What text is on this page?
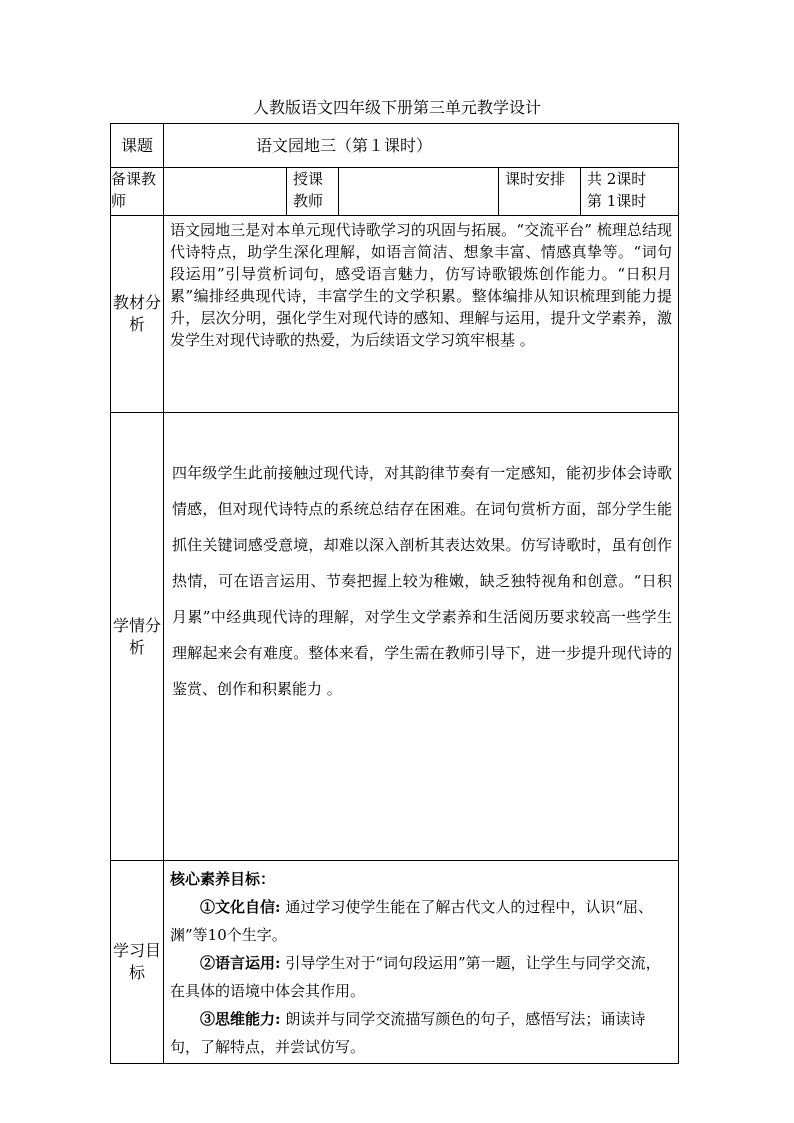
人教版语文四年级下册第三单元教学设计
课题	语文园地三（第１课时）				
备课教师		授课教师		课时安排	共 2课时

第 1课时

教材分析	语文园地三是对本单元现代诗歌学习的巩固与拓展。“交流平台” 梳理总结现代诗特点，助学生深化理解，如语言简洁、想象丰富、情感真挚等。“词句段运用”引导赏析词句，感受语言魅力，仿写诗歌锻炼创作能力。“日积月累”编排经典现代诗，丰富学生的文学积累。整体编排从知识梳理到能力提升，层次分明，强化学生对现代诗的感知、理解与运用，提升文学素养，激发学生对现代诗歌的热爱，为后续语文学习筑牢根基 。				
学情分析	四年级学生此前接触过现代诗，对其韵律节奏有一定感知，能初步体会诗歌情感，但对现代诗特点的系统总结存在困难。在词句赏析方面，部分学生能抓住关键词感受意境，却难以深入剖析其表达效果。仿写诗歌时，虽有创作热情，可在语言运用、节奏把握上较为稚嫩，缺乏独特视角和创意。“日积月累”中经典现代诗的理解，对学生文学素养和生活阅历要求较高一些学生理解起来会有难度。整体来看，学生需在教师引导下，进一步提升现代诗的鉴赏、创作和积累能力 。				
学习目标	核心素养目标：

①文化自信: 通过学习使学生能在了解古代文人的过程中，认识“屈、渊”等10个生字。

②语言运用: 引导学生对于“词句段运用”第一题，让学生与同学交流，在具体的语境中体会其作用。

③思维能力: 朗读并与同学交流描写颜色的句子，感悟写法；诵读诗句，了解特点，并尝试仿写。				
